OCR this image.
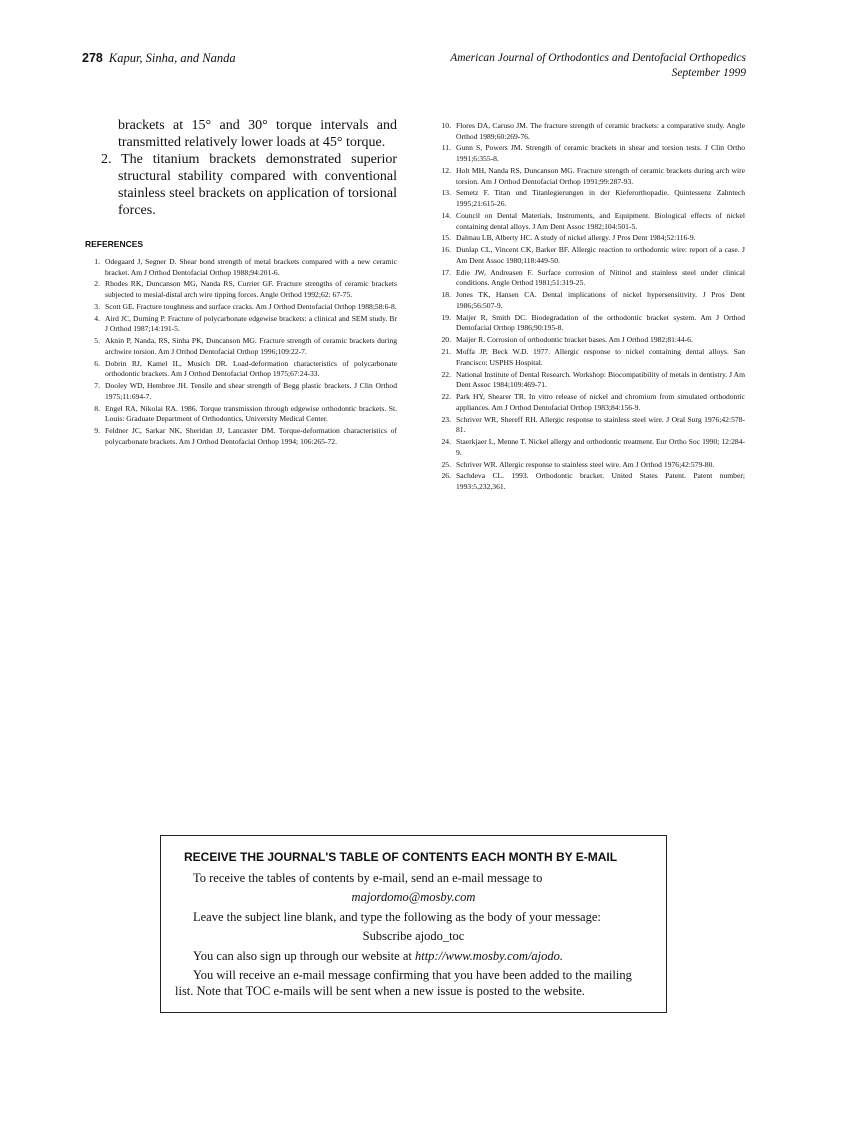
278 Kapur, Sinha, and Nanda	American Journal of Orthodontics and Dentofacial Orthopedics
September 1999

brackets at 15° and 30° torque intervals and transmitted relatively lower loads at 45° torque.

2. The titanium brackets demonstrated superior structural stability compared with conventional stainless steel brackets on application of torsional forces.

REFERENCES
1. Odegaard J, Segner D. Shear bond strength of metal brackets compared with a new ceramic bracket. Am J Orthod Dentofacial Orthop 1988;94:201-6.
2. Rhodes RK, Duncanson MG, Nanda RS, Currier GF. Fracture strengths of ceramic brackets subjected to mesial-distal arch wire tipping forces. Angle Orthod 1992;62: 67-75.
3. Scott GE. Fracture toughness and surface cracks. Am J Orthod Dentofacial Orthop 1988;58:6-8.
4. Aird JC, Durning P. Fracture of polycarbonate edgewise brackets: a clinical and SEM study. Br J Orthod 1987;14:191-5.
5. Aknin P, Nanda, RS, Sinha PK, Duncanson MG. Fracture strength of ceramic brackets during archwire torsion. Am J Orthod Dentofacial Orthop 1996;109:22-7.
6. Dobrin RJ, Kamel IL, Musich DR. Load-deformation characteristics of polycarbonate orthodontic brackets. Am J Orthod Dentofacial Orthop 1975;67:24-33.
7. Dooley WD, Hembree JH. Tensile and shear strength of Begg plastic brackets. J Clin Orthod 1975;11:694-7.
8. Engel RA, Nikolai RA. 1986. Torque transmission through edgewise orthodontic brackets. St. Louis: Graduate Department of Orthodontics, University Medical Center.
9. Feldner JC, Sarkar NK, Sheridan JJ, Lancaster DM. Torque-deformation characteristics of polycarbonate brackets. Am J Orthod Dentofacial Orthop 1994; 106:265-72.
10. Flores DA, Caruso JM. The fracture strength of ceramic brackets: a comparative study. Angle Orthod 1989;60:269-76.
11. Gunn S, Powers JM. Strength of ceramic brackets in shear and torsion tests. J Clin Ortho 1991;6:355-8.
12. Holt MH, Nanda RS, Duncanson MG. Fracture strength of ceramic brackets during arch wire torsion. Am J Orthod Dentofacial Orthop 1991;99:287-93.
13. Semetz F. Titan und Titanlegierungen in der Kieferorthopadie. Quintessenz Zahntech 1995;21:615-26.
14. Council on Dental Materials, Instruments, and Equipment. Biological effects of nickel containing dental alloys. J Am Dent Assoc 1982;104:501-5.
15. Dalmau LB, Alberty HC. A study of nickel allergy. J Pros Dent 1984;52:116-9.
16. Dunlap CL, Vincent CK, Barker BF. Allergic reaction to orthodontic wire: report of a case. J Am Dent Assoc 1980;118:449-50.
17. Edie JW, Andreasen F. Surface corrosion of Nitinol and stainless steel under clinical conditions. Angle Orthod 1981;51:319-25.
18. Jones TK, Hansen CA. Dental implications of nickel hypersensitivity. J Pros Dent 1986;56:507-9.
19. Maijer R, Smith DC. Biodegradation of the orthodontic bracket system. Am J Orthod Dentofacial Orthop 1986;90:195-8.
20. Maijer R. Corrosion of orthodontic bracket bases. Am J Orthod 1982;81:44-6.
21. Moffa JP, Beck W.D. 1977. Allergic response to nickel containing dental alloys. San Francisco: USPHS Hospital.
22. National Institute of Dental Research. Workshop: Biocompatibility of metals in dentistry. J Am Dent Assoc 1984;109:469-71.
22. Park HY, Shearer TR. In vitro release of nickel and chromium from simulated orthodontic appliances. Am J Orthod Dentofacial Orthop 1983;84:156-9.
23. Schriver WR, Shereff RH. Allergic response to stainless steel wire. J Oral Surg 1976;42:578-81.
24. Staerkjaer L, Menne T. Nickel allergy and orthodontic treatment. Eur Ortho Soc 1990; 12:284-9.
25. Schriver WR. Allergic response to stainless steel wire. Am J Orthod 1976;42:579-80.
26. Sachdeva CL. 1993. Orthodontic bracket. United States Patent. Patent number; 1993:5,232,361.
RECEIVE THE JOURNAL'S TABLE OF CONTENTS EACH MONTH BY E-MAIL
To receive the tables of contents by e-mail, send an e-mail message to
majordomo@mosby.com
Leave the subject line blank, and type the following as the body of your message:
Subscribe ajodo_toc
You can also sign up through our website at http://www.mosby.com/ajodo.
You will receive an e-mail message confirming that you have been added to the mailing list. Note that TOC e-mails will be sent when a new issue is posted to the website.
